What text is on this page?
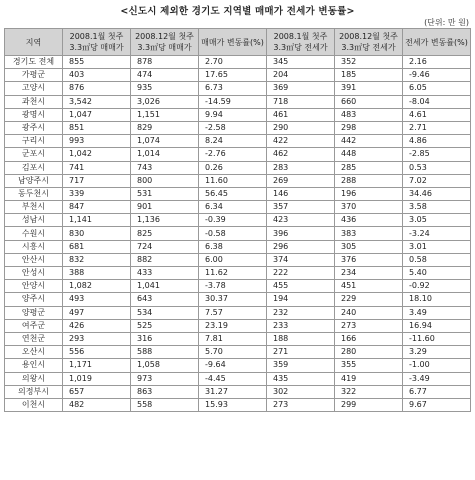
<신도시 제외한 경기도 지역별 매매가 전세가 변동률>
(단위: 만 원)
지역	2008.1월 첫주 3.3㎡당 매매가	2008.12월 첫주 3.3㎡당 매매가	매매가 변동률(%)	2008.1월 첫주 3.3㎡당 전세가	2008.12월 첫주 3.3㎡당 전세가	전세가 변동률(%)
경기도 전체	855	878	2.70	345	352	2.16
가평군	403	474	17.65	204	185	-9.46
고양시	876	935	6.73	369	391	6.05
과천시	3,542	3,026	-14.59	718	660	-8.04
광명시	1,047	1,151	9.94	461	483	4.61
광주시	851	829	-2.58	290	298	2.71
구리시	993	1,074	8.24	422	442	4.86
군포시	1,042	1,014	-2.76	462	448	-2.85
김포시	741	743	0.26	283	285	0.53
남양주시	717	800	11.60	269	288	7.02
동두천시	339	531	56.45	146	196	34.46
부천시	847	901	6.34	357	370	3.58
성남시	1,141	1,136	-0.39	423	436	3.05
수원시	830	825	-0.58	396	383	-3.24
시흥시	681	724	6.38	296	305	3.01
안산시	832	882	6.00	374	376	0.58
안성시	388	433	11.62	222	234	5.40
안양시	1,082	1,041	-3.78	455	451	-0.92
양주시	493	643	30.37	194	229	18.10
양평군	497	534	7.57	232	240	3.49
여주군	426	525	23.19	233	273	16.94
연천군	293	316	7.81	188	166	-11.60
오산시	556	588	5.70	271	280	3.29
용인시	1,171	1,058	-9.64	359	355	-1.00
의왕시	1,019	973	-4.45	435	419	-3.49
의정부시	657	863	31.27	302	322	6.77
이천시	482	558	15.93	273	299	9.67
